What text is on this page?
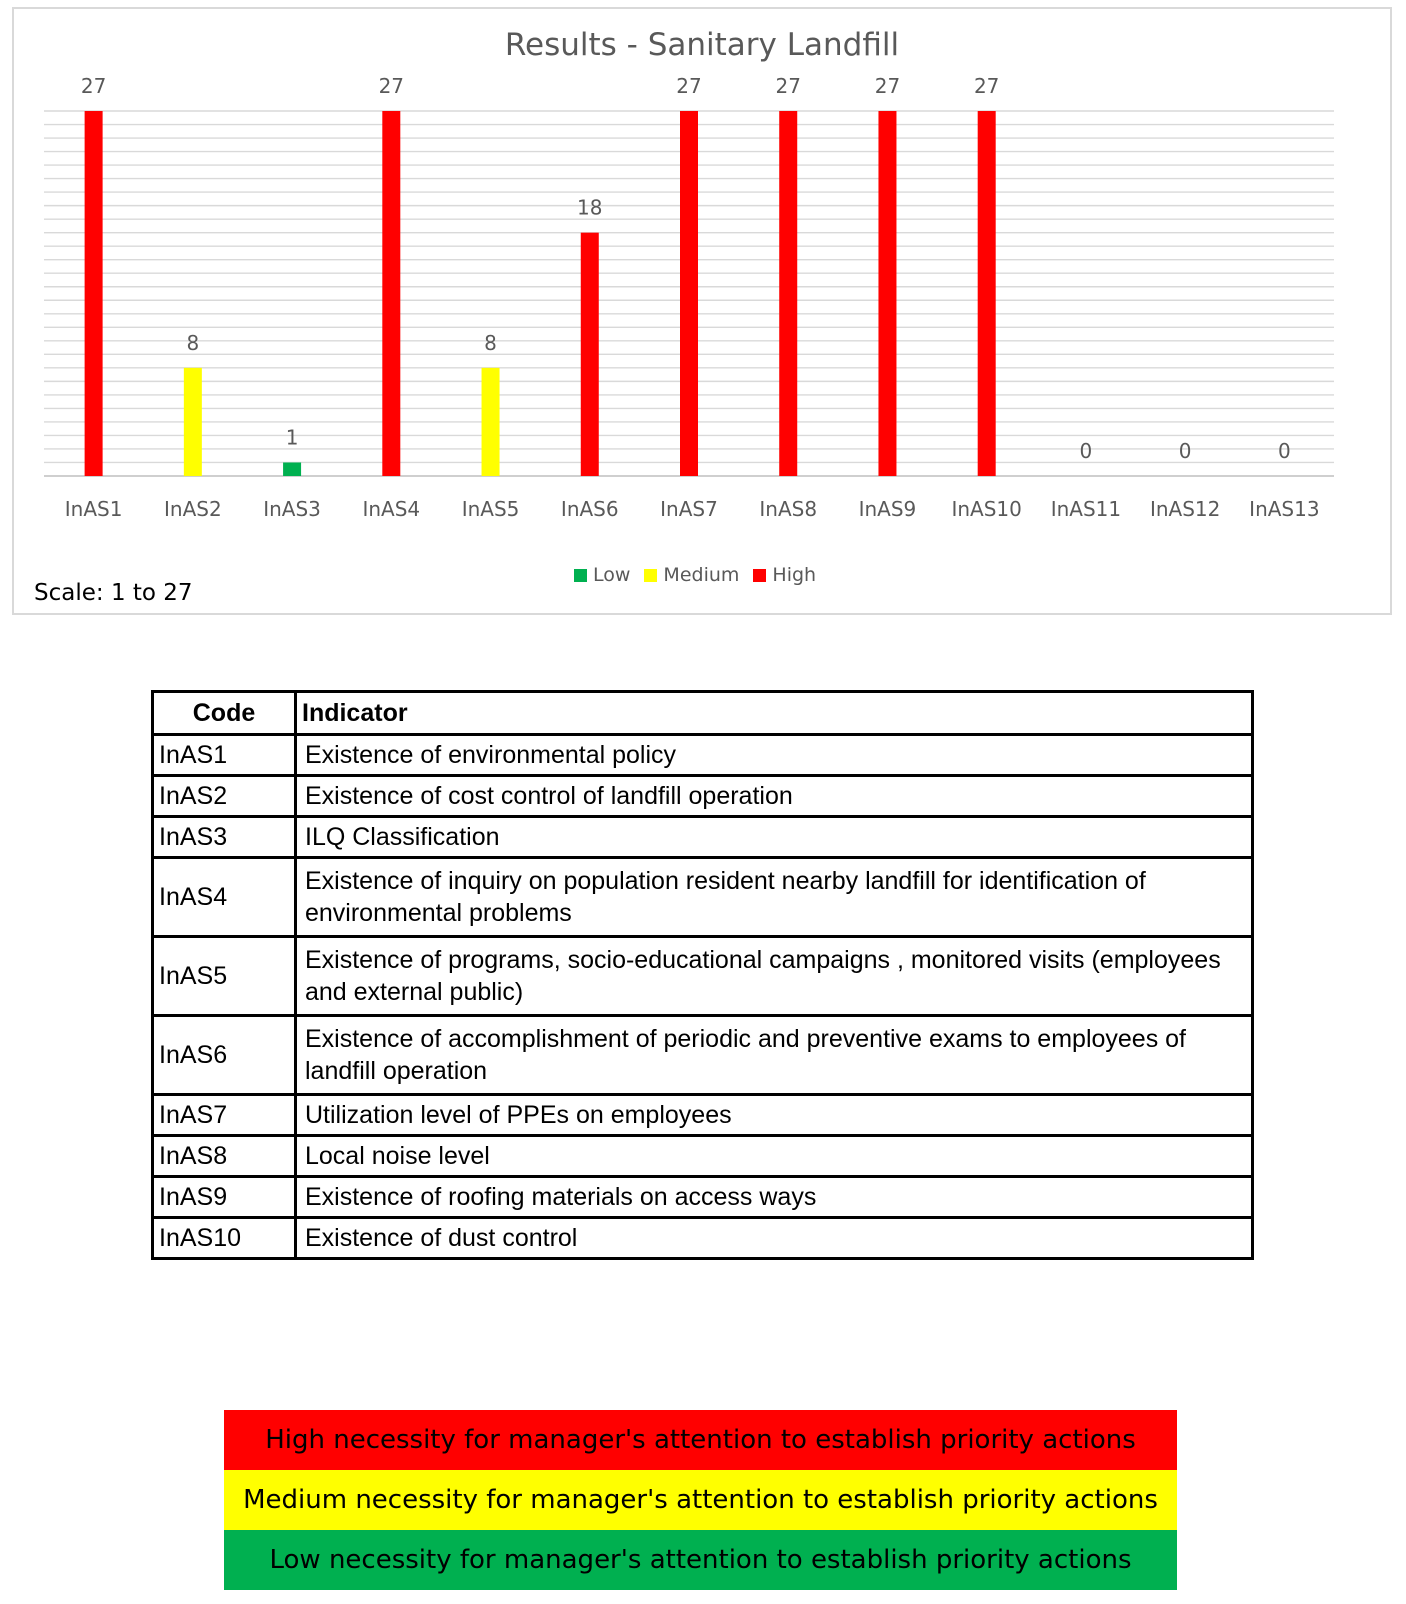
Results - Sanitary Landfill
27
InAS1
8
InAS2
1
InAS3
27
InAS4
8
InAS5
18
InAS6
27
InAS7
27
InAS8
27
InAS9
27
InAS10
0
InAS11
0
InAS12
0
InAS13
Low Medium High
Scale: 1 to 27
Code	Indicator
InAS1	Existence of environmental policy
InAS2	Existence of cost control of landfill operation
InAS3	ILQ Classification
InAS4	Existence of inquiry on population resident nearby landfill for identification of environmental problems
InAS5	Existence of programs, socio-educational campaigns , monitored visits (employees and external public)
InAS6	Existence of accomplishment of periodic and preventive exams to employees of landfill operation
InAS7	Utilization level of PPEs on employees
InAS8	Local noise level
InAS9	Existence of roofing materials on access ways
InAS10	Existence of dust control
High necessity for manager's attention to establish priority actions
Medium necessity for manager's attention to establish priority actions
Low necessity for manager's attention to establish priority actions
